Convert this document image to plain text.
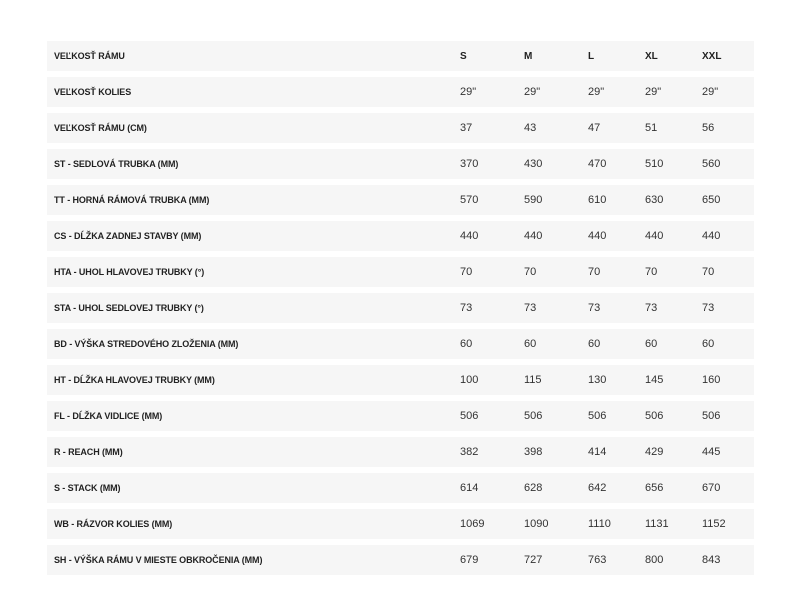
VEĽKOSŤ RÁMU	S	M	L	XL	XXL
VEĽKOSŤ KOLIES	29"	29"	29"	29"	29"
VEĽKOSŤ RÁMU (CM)	37	43	47	51	56
ST - SEDLOVÁ TRUBKA (MM)	370	430	470	510	560
TT - HORNÁ RÁMOVÁ TRUBKA (MM)	570	590	610	630	650
CS - DĹŽKA ZADNEJ STAVBY (MM)	440	440	440	440	440
HTA - UHOL HLAVOVEJ TRUBKY (°)	70	70	70	70	70
STA - UHOL SEDLOVEJ TRUBKY (°)	73	73	73	73	73
BD - VÝŠKA STREDOVÉHO ZLOŽENIA (MM)	60	60	60	60	60
HT - DĹŽKA HLAVOVEJ TRUBKY (MM)	100	115	130	145	160
FL - DĹŽKA VIDLICE (MM)	506	506	506	506	506
R - REACH (MM)	382	398	414	429	445
S - STACK (MM)	614	628	642	656	670
WB - RÁZVOR KOLIES (MM)	1069	1090	1110	1131	1152
SH - VÝŠKA RÁMU V MIESTE OBKROČENIA (MM)	679	727	763	800	843
